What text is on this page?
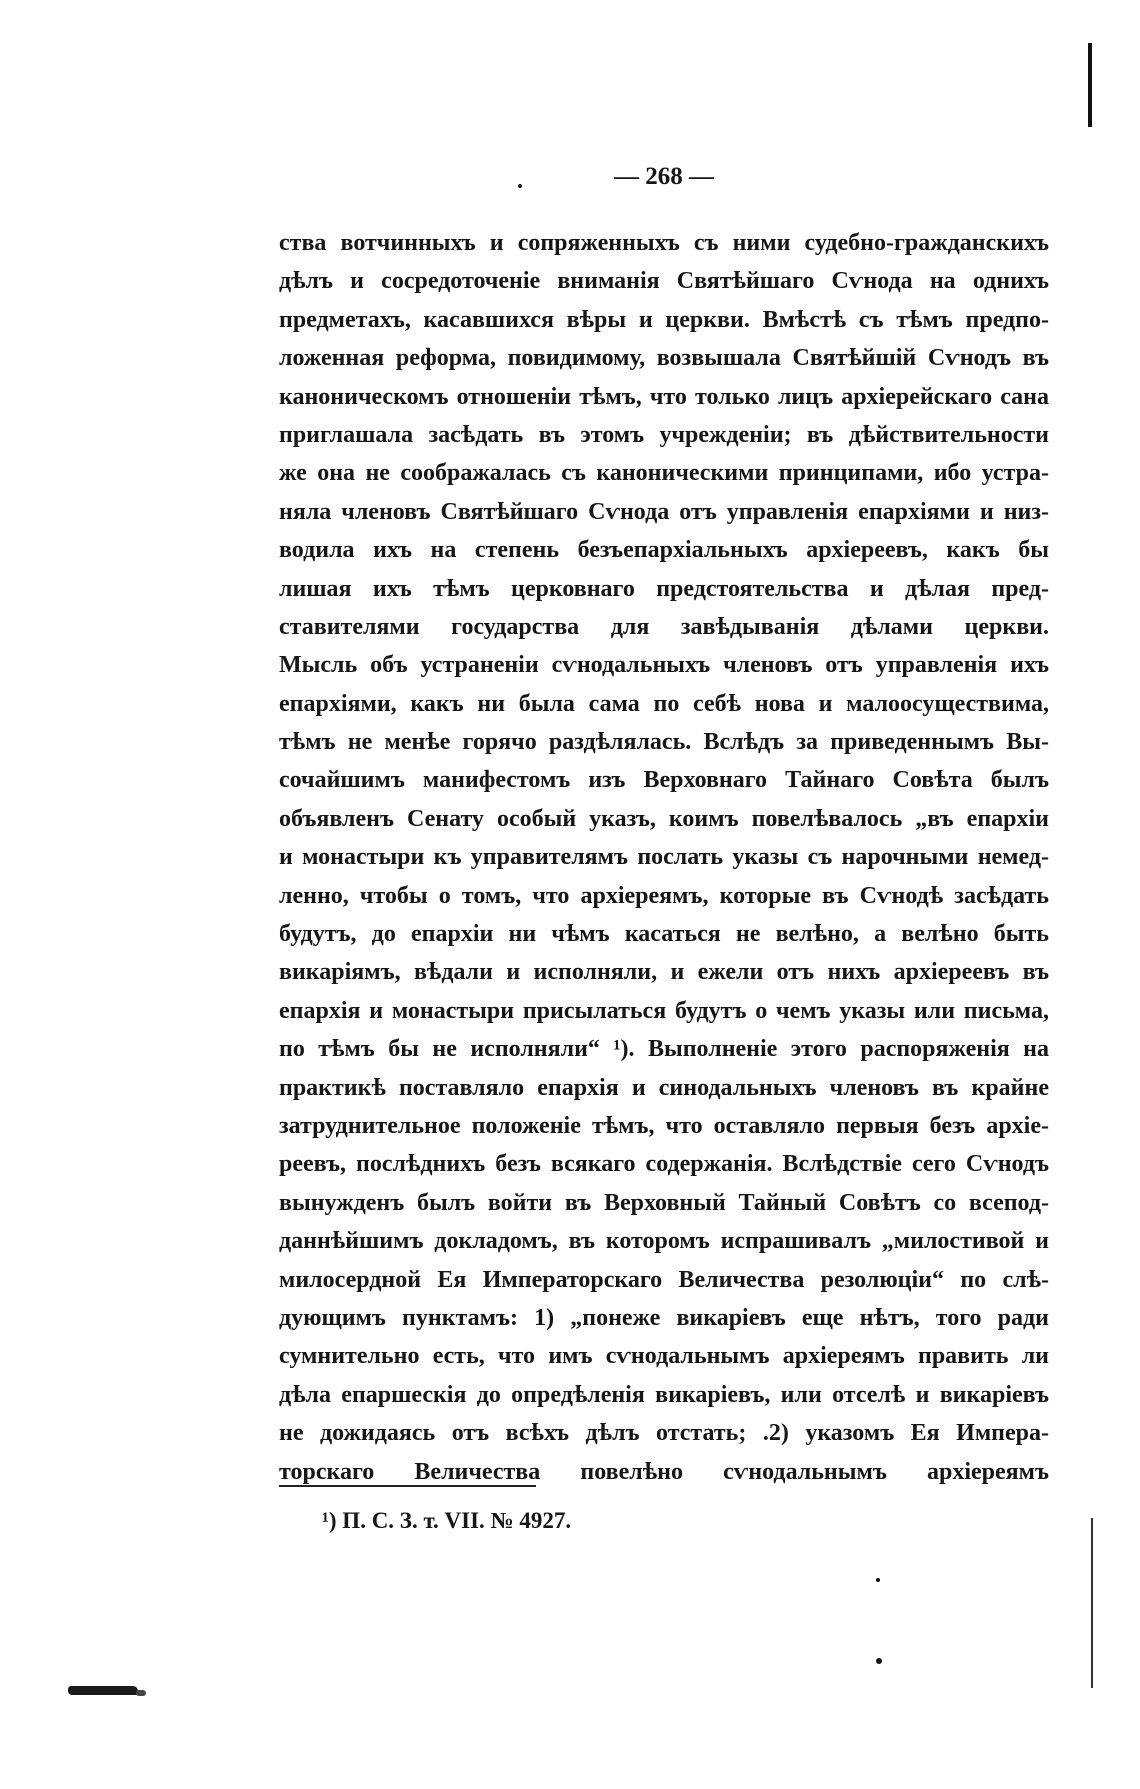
— 268 —
ства вотчинныхъ и сопряженныхъ съ ними судебно-гражданскихъ
дѣлъ и сосредоточеніе вниманія Святѣйшаго Сѵнода на однихъ
предметахъ, касавшихся вѣры и церкви. Вмѣстѣ съ тѣмъ предпо-
ложенная реформа, повидимому, возвышала Святѣйшій Сѵнодъ въ
каноническомъ отношеніи тѣмъ, что только лицъ архіерейскаго сана
приглашала засѣдать въ этомъ учрежденіи; въ дѣйствительности
же она не соображалась съ каноническими принципами, ибо устра-
няла членовъ Святѣйшаго Сѵнода отъ управленія епархіями и низ-
водила ихъ на степень безъепархіальныхъ архіереевъ, какъ бы
лишая ихъ тѣмъ церковнаго предстоятельства и дѣлая пред-
ставителями государства для завѣдыванія дѣлами церкви.
Мысль объ устраненіи сѵнодальныхъ членовъ отъ управленія ихъ
епархіями, какъ ни была сама по себѣ нова и малоосуществима,
тѣмъ не менѣе горячо раздѣлялась. Вслѣдъ за приведеннымъ Вы-
сочайшимъ манифестомъ изъ Верховнаго Тайнаго Совѣта былъ
объявленъ Сенату особый указъ, коимъ повелѣвалось „въ епархіи
и монастыри къ управителямъ послать указы съ нарочными немед-
ленно, чтобы о томъ, что архіереямъ, которые въ Сѵнодѣ засѣдать
будутъ, до епархіи ни чѣмъ касаться не велѣно, а велѣно быть
викаріямъ, вѣдали и исполняли, и ежели отъ нихъ архіереевъ въ
епархія и монастыри присылаться будутъ о чемъ указы или письма,
по тѣмъ бы не исполняли“ ¹). Выполненіе этого распоряженія на
практикѣ поставляло епархія и синодальныхъ членовъ въ крайне
затруднительное положеніе тѣмъ, что оставляло первыя безъ архіе-
реевъ, послѣднихъ безъ всякаго содержанія. Вслѣдствіе сего Сѵнодъ
вынужденъ былъ войти въ Верховный Тайный Совѣтъ со всепод-
даннѣйшимъ докладомъ, въ которомъ испрашивалъ „милостивой и
милосердной Ея Императорскаго Величества резолюціи“ по слѣ-
дующимъ пунктамъ: 1) „понеже викаріевъ еще нѣтъ, того ради
сумнительно есть, что имъ сѵнодальнымъ архіереямъ править ли
дѣла епаршескія до опредѣленія викаріевъ, или отселѣ и викаріевъ
не дожидаясь отъ всѣхъ дѣлъ отстать; .2) указомъ Ея Импера-
торскаго Величества повелѣно сѵнодальнымъ архіереямъ
¹) П. С. З. т. VII. № 4927.
